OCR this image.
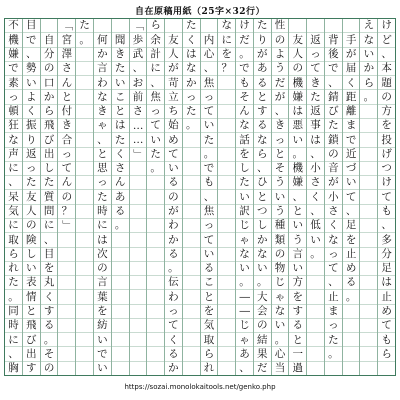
自在原稿用紙（25字×32行）
け
ど
、
本
題
の
方
を
投
げ
つ
け
て
も
、
多
分
足
は
止
め
て
も
ら
え
な
い
か
ら
。

手
が
届
く
距
離
ま
で
近
づ
い
て
、
足
を
止
め
る
。

背
後
で
、
錆
び
た
鎖
の
音
が
小
さ
く
な
っ
て
、
止
ま
っ
た
。

返
っ
て
き
た
返
事
は
、
小
さ
く
、
低
い
。

友
人
の
機
嫌
は
悪
い
。
機
嫌
、
と
い
う
言
い
方
を
す
る
と
一
過
性
の
よ
う
だ
が
、
き
っ
と
そ
う
い
う
種
類
の
物
じ
ゃ
な
い
。
心
当
た
り
が
あ
る
と
す
る
な
ら
、
ひ
と
つ
し
か
な
い
。
大
会
の
結
果
だ
け
だ
。
で
も
そ
ん
な
話
を
し
た
い
訳
じ
ゃ
な
い
。
―
―
じ
ゃ
あ
、
な
に
を
？

内
心
、
焦
っ
て
い
た
。
で
も
、
焦
っ
て
い
る
こ
と
を
気
取
ら
れ
た
く
は
な
か
っ
た
。

友
人
が
苛
立
ち
始
め
て
い
る
の
が
わ
か
る
。
伝
わ
っ
て
く
る
か
ら
余
計
に
、
焦
っ
て
い
た
。
「
歩
武
、
お
前
さ
…
…
」

聞
き
た
い
こ
と
は
た
く
さ
ん
あ
る
。

何
か
言
わ
な
き
ゃ
、
と
思
っ
た
時
に
は
次
の
言
葉
を
紡
い
で
い
た
。
「
宮
澤
さ
ん
と
付
き
合
っ
て
ん
の
？
」

自
分
の
口
か
ら
飛
び
出
し
た
質
問
に
、
目
を
丸
く
す
る
。
そ
の
目
で
、
勢
い
よ
く
振
り
返
っ
た
友
人
の
険
し
い
表
情
と
飛
び
出
す
不
機
嫌
で
素
っ
頓
狂
な
声
に
、
呆
気
に
取
ら
れ
た
。
同
時
に
、
胸
https://sozai.monolokaitools.net/genko.php
